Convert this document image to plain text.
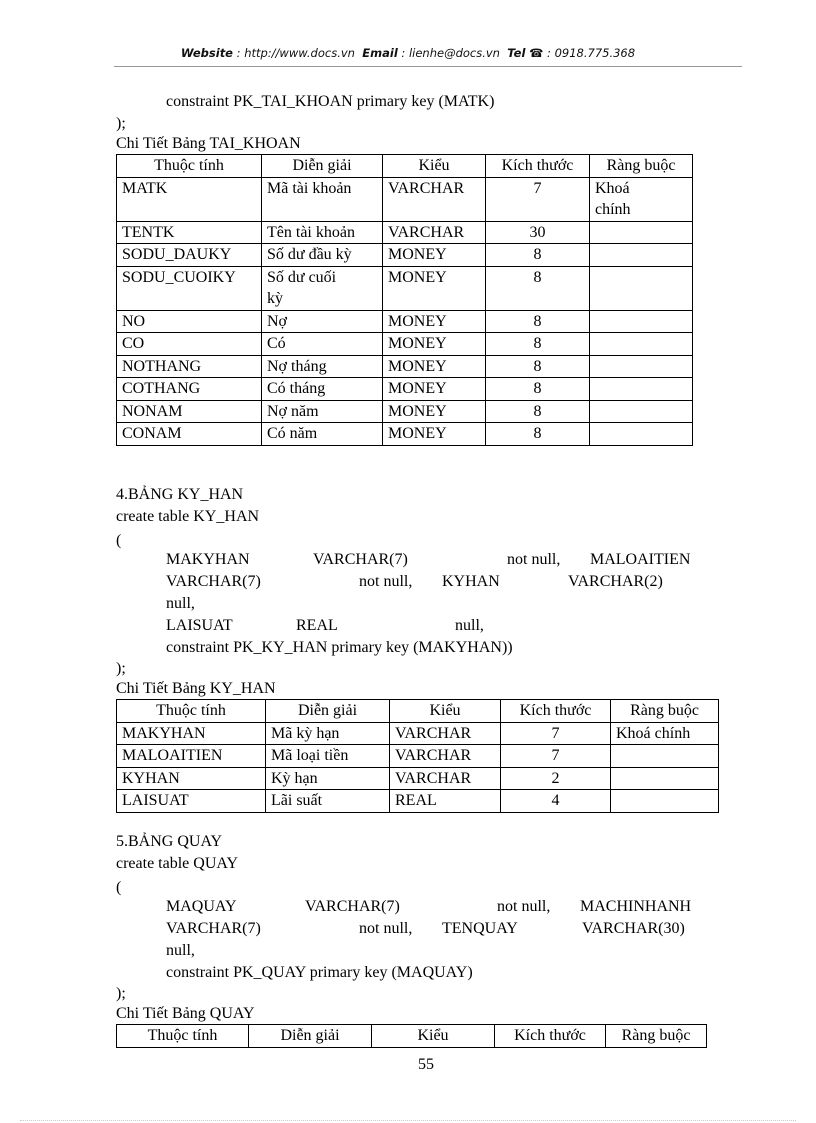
Website : http://www.docs.vn Email : lienhe@docs.vn Tel ☎ : 0918.775.368
constraint PK_TAI_KHOAN primary key (MATK)
);
Chi Tiết Bảng TAI_KHOAN
Thuộc tính	Diễn giải	Kiểu	Kích thước	Ràng buộc
MATK	Mã tài khoản	VARCHAR	7	Khoá chính

TENTK	Tên tài khoản	VARCHAR	30	
SODU_DAUKY	Số dư đầu kỳ	MONEY	8	
SODU_CUOIKY	Số dư cuối kỳ	MONEY	8	
NO	Nợ	MONEY	8	
CO	Có	MONEY	8	
NOTHANG	Nợ tháng	MONEY	8	
COTHANG	Có tháng	MONEY	8	
NONAM	Nợ năm	MONEY	8	
CONAM	Có năm	MONEY	8	
4.BẢNG KY_HAN
create table KY_HAN
(
MAKYHAN	VARCHAR(7)	not null, MALOAITIEN
VARCHAR(7)	not null, KYHAN	VARCHAR(2)
null,
LAISUAT	REAL	null,
constraint PK_KY_HAN primary key (MAKYHAN))
);
Chi Tiết Bảng KY_HAN
Thuộc tính	Diễn giải	Kiểu	Kích thước	Ràng buộc
MAKYHAN	Mã kỳ hạn	VARCHAR	7	Khoá chính
MALOAITIEN	Mã loại tiền	VARCHAR	7	
KYHAN	Kỳ hạn	VARCHAR	2	
LAISUAT	Lãi suất	REAL	4	
5.BẢNG QUAY
create table QUAY
(
MAQUAY	VARCHAR(7)	not null, MACHINHANH
VARCHAR(7)	not null, TENQUAY	VARCHAR(30)
null,
constraint PK_QUAY primary key (MAQUAY)
);
Chi Tiết Bảng QUAY
Thuộc tính	Diễn giải	Kiểu	Kích thước	Ràng buộc
55
